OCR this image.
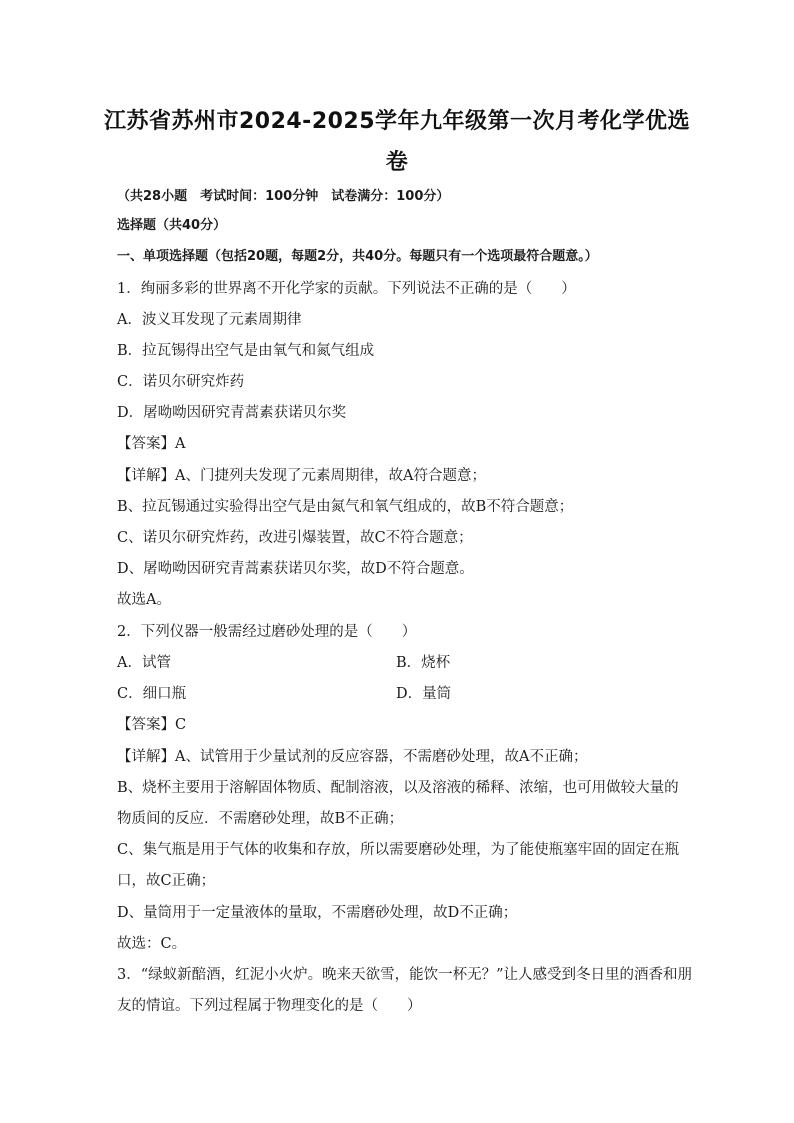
江苏省苏州市2024-2025学年九年级第一次月考化学优选
卷
（共28小题　考试时间：100分钟　试卷满分：100分）
选择题（共40分）
一、单项选择题（包括20题，每题2分，共40分。每题只有一个选项最符合题意。）
1．绚丽多彩的世界离不开化学家的贡献。下列说法不正确的是（　　）
A．波义耳发现了元素周期律
B．拉瓦锡得出空气是由氧气和氮气组成
C．诺贝尔研究炸药
D．屠呦呦因研究青蒿素获诺贝尔奖
【答案】A
【详解】A、门捷列夫发现了元素周期律，故A符合题意；
B、拉瓦锡通过实验得出空气是由氮气和氧气组成的，故B不符合题意；
C、诺贝尔研究炸药，改进引爆装置，故C不符合题意；
D、屠呦呦因研究青蒿素获诺贝尔奖，故D不符合题意。
故选A。
2．下列仪器一般需经过磨砂处理的是（　　）
A．试管	B．烧杯
C．细口瓶	D．量筒
【答案】C
【详解】A、试管用于少量试剂的反应容器，不需磨砂处理，故A不正确；
B、烧杯主要用于溶解固体物质、配制溶液，以及溶液的稀释、浓缩，也可用做较大量的
物质间的反应．不需磨砂处理，故B不正确；
C、集气瓶是用于气体的收集和存放，所以需要磨砂处理，为了能使瓶塞牢固的固定在瓶
口，故C正确；
D、量筒用于一定量液体的量取，不需磨砂处理，故D不正确；
故选：C。
3．“绿蚁新醅酒，红泥小火炉。晚来天欲雪，能饮一杯无？”让人感受到冬日里的酒香和朋
友的情谊。下列过程属于物理变化的是（　　）
